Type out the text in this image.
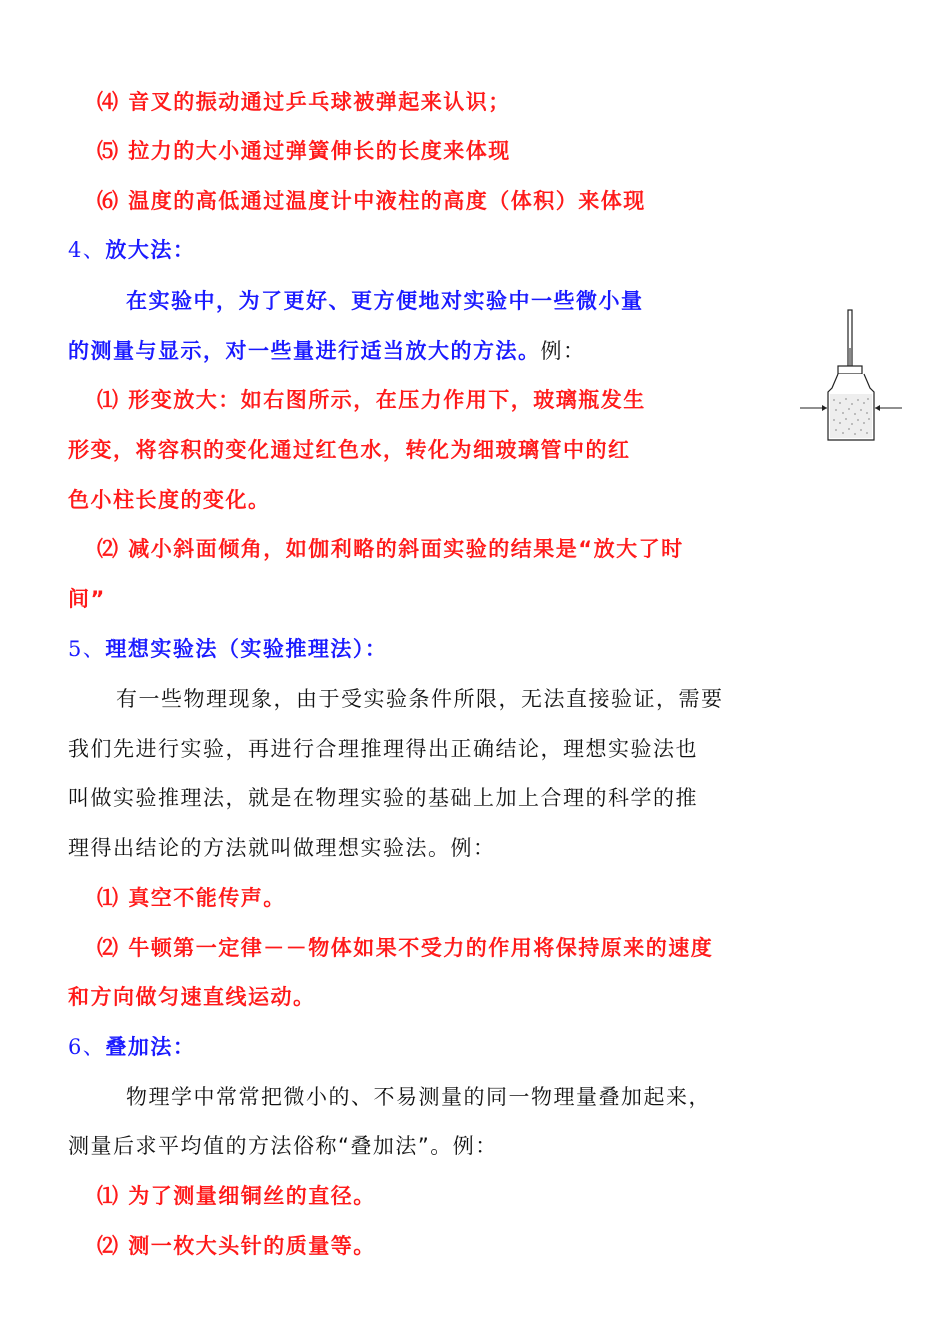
⑷ 音叉的振动通过乒乓球被弹起来认识；
⑸ 拉力的大小通过弹簧伸长的长度来体现
⑹ 温度的高低通过温度计中液柱的高度（体积）来体现
4、放大法：
在实验中，为了更好、更方便地对实验中一些微小量
的测量与显示，对一些量进行适当放大的方法。例：
⑴ 形变放大：如右图所示，在压力作用下，玻璃瓶发生
形变，将容积的变化通过红色水，转化为细玻璃管中的红
色小柱长度的变化。
⑵ 减小斜面倾角，如伽利略的斜面实验的结果是“放大了时
间”
5、理想实验法（实验推理法）：
有一些物理现象，由于受实验条件所限，无法直接验证，需要
我们先进行实验，再进行合理推理得出正确结论，理想实验法也
叫做实验推理法，就是在物理实验的基础上加上合理的科学的推
理得出结论的方法就叫做理想实验法。例：
⑴ 真空不能传声。
⑵ 牛顿第一定律－－物体如果不受力的作用将保持原来的速度
和方向做匀速直线运动。
6、叠加法：
物理学中常常把微小的、不易测量的同一物理量叠加起来，
测量后求平均值的方法俗称“叠加法”。例：
⑴ 为了测量细铜丝的直径。
⑵ 测一枚大头针的质量等。
